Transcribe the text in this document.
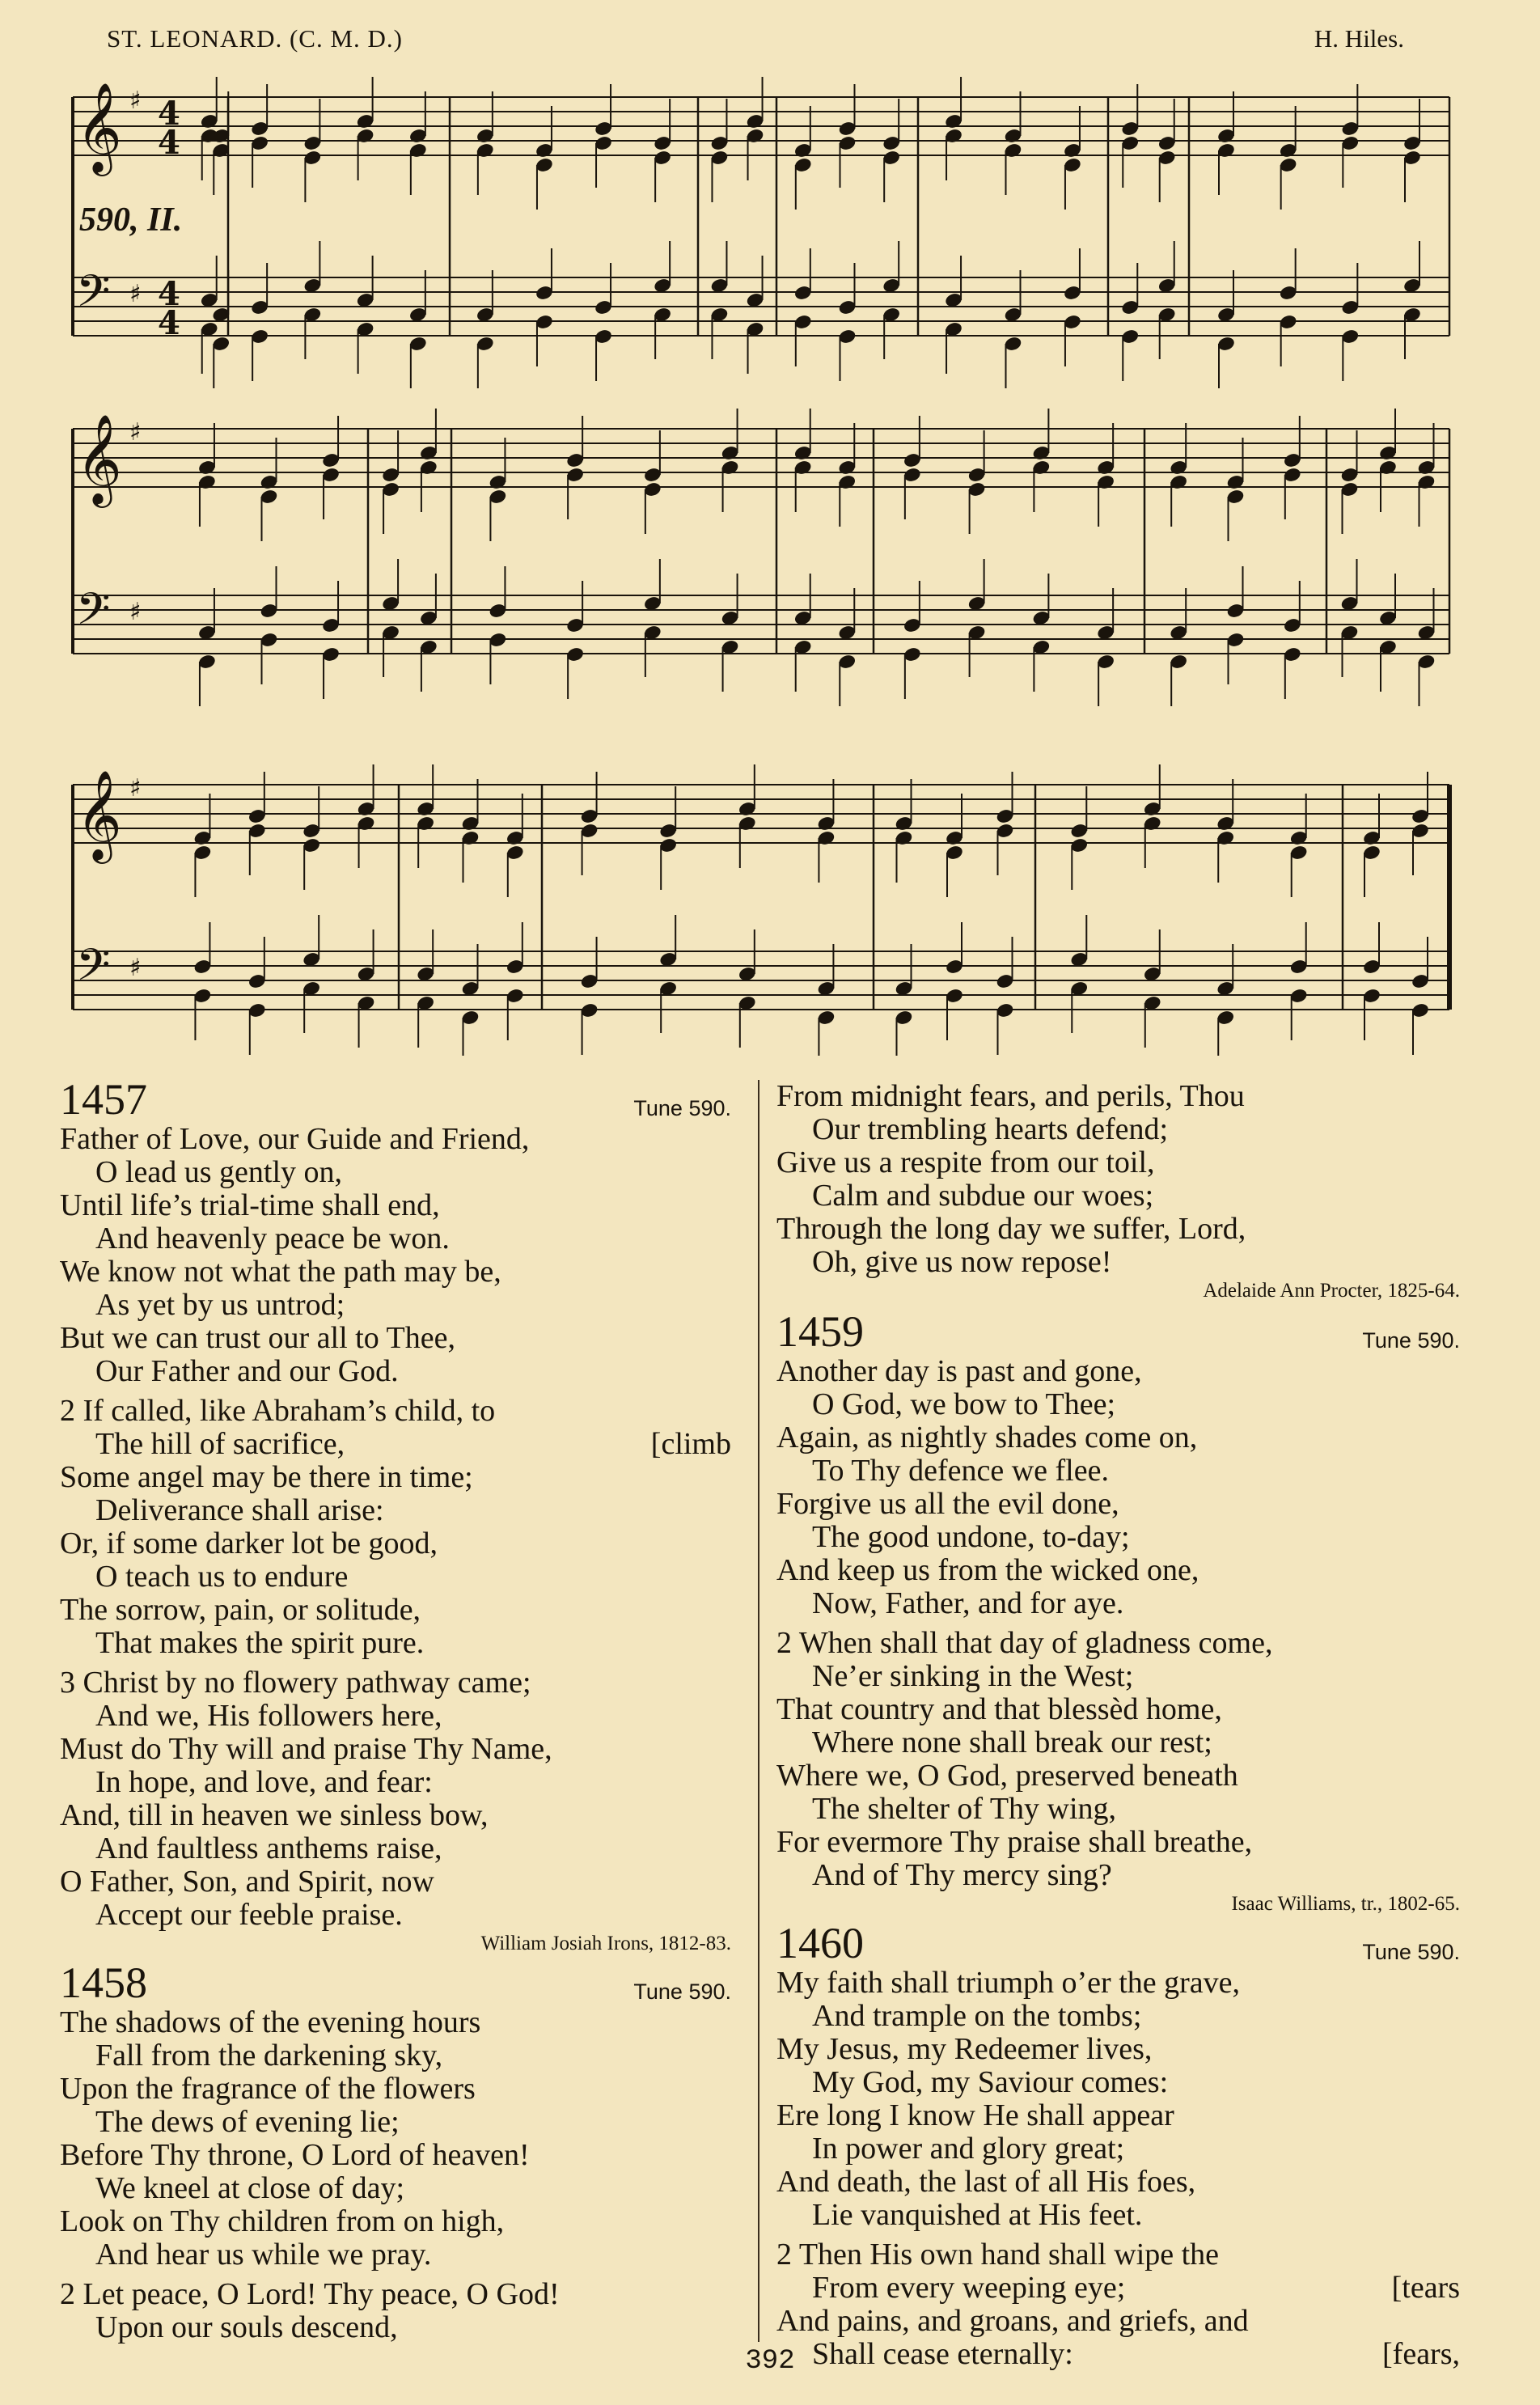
ST. LEONARD. (C. M. D.)	H. Hiles.
𝄞 ♯ 4
4
𝄢 ♯ 4
4
𝄞 ♯
𝄢 ♯
𝄞 ♯
𝄢 ♯
590, II.
1457	Tune 590.
Father of Love, our Guide and Friend,
O lead us gently on,
Until life’s trial-time shall end,
And heavenly peace be won.
We know not what the path may be,
As yet by us untrod;
But we can trust our all to Thee,
Our Father and our God.
2 If called, like Abraham’s child, to
The hill of sacrifice,	[climb
Some angel may be there in time;
Deliverance shall arise:
Or, if some darker lot be good,
O teach us to endure
The sorrow, pain, or solitude,
That makes the spirit pure.
3 Christ by no flowery pathway came;
And we, His followers here,
Must do Thy will and praise Thy Name,
In hope, and love, and fear:
And, till in heaven we sinless bow,
And faultless anthems raise,
O Father, Son, and Spirit, now
Accept our feeble praise.
William Josiah Irons, 1812-83.
1458	Tune 590.
The shadows of the evening hours
Fall from the darkening sky,
Upon the fragrance of the flowers
The dews of evening lie;
Before Thy throne, O Lord of heaven!
We kneel at close of day;
Look on Thy children from on high,
And hear us while we pray.
2 Let peace, O Lord! Thy peace, O God!
Upon our souls descend,
From midnight fears, and perils, Thou
Our trembling hearts defend;
Give us a respite from our toil,
Calm and subdue our woes;
Through the long day we suffer, Lord,
Oh, give us now repose!
Adelaide Ann Procter, 1825-64.
1459	Tune 590.
Another day is past and gone,
O God, we bow to Thee;
Again, as nightly shades come on,
To Thy defence we flee.
Forgive us all the evil done,
The good undone, to-day;
And keep us from the wicked one,
Now, Father, and for aye.
2 When shall that day of gladness come,
Ne’er sinking in the West;
That country and that blessèd home,
Where none shall break our rest;
Where we, O God, preserved beneath
The shelter of Thy wing,
For evermore Thy praise shall breathe,
And of Thy mercy sing?
Isaac Williams, tr., 1802-65.
1460	Tune 590.
My faith shall triumph o’er the grave,
And trample on the tombs;
My Jesus, my Redeemer lives,
My God, my Saviour comes:
Ere long I know He shall appear
In power and glory great;
And death, the last of all His foes,
Lie vanquished at His feet.
2 Then His own hand shall wipe the
From every weeping eye;	[tears
And pains, and groans, and griefs, and
Shall cease eternally:	[fears,
392
